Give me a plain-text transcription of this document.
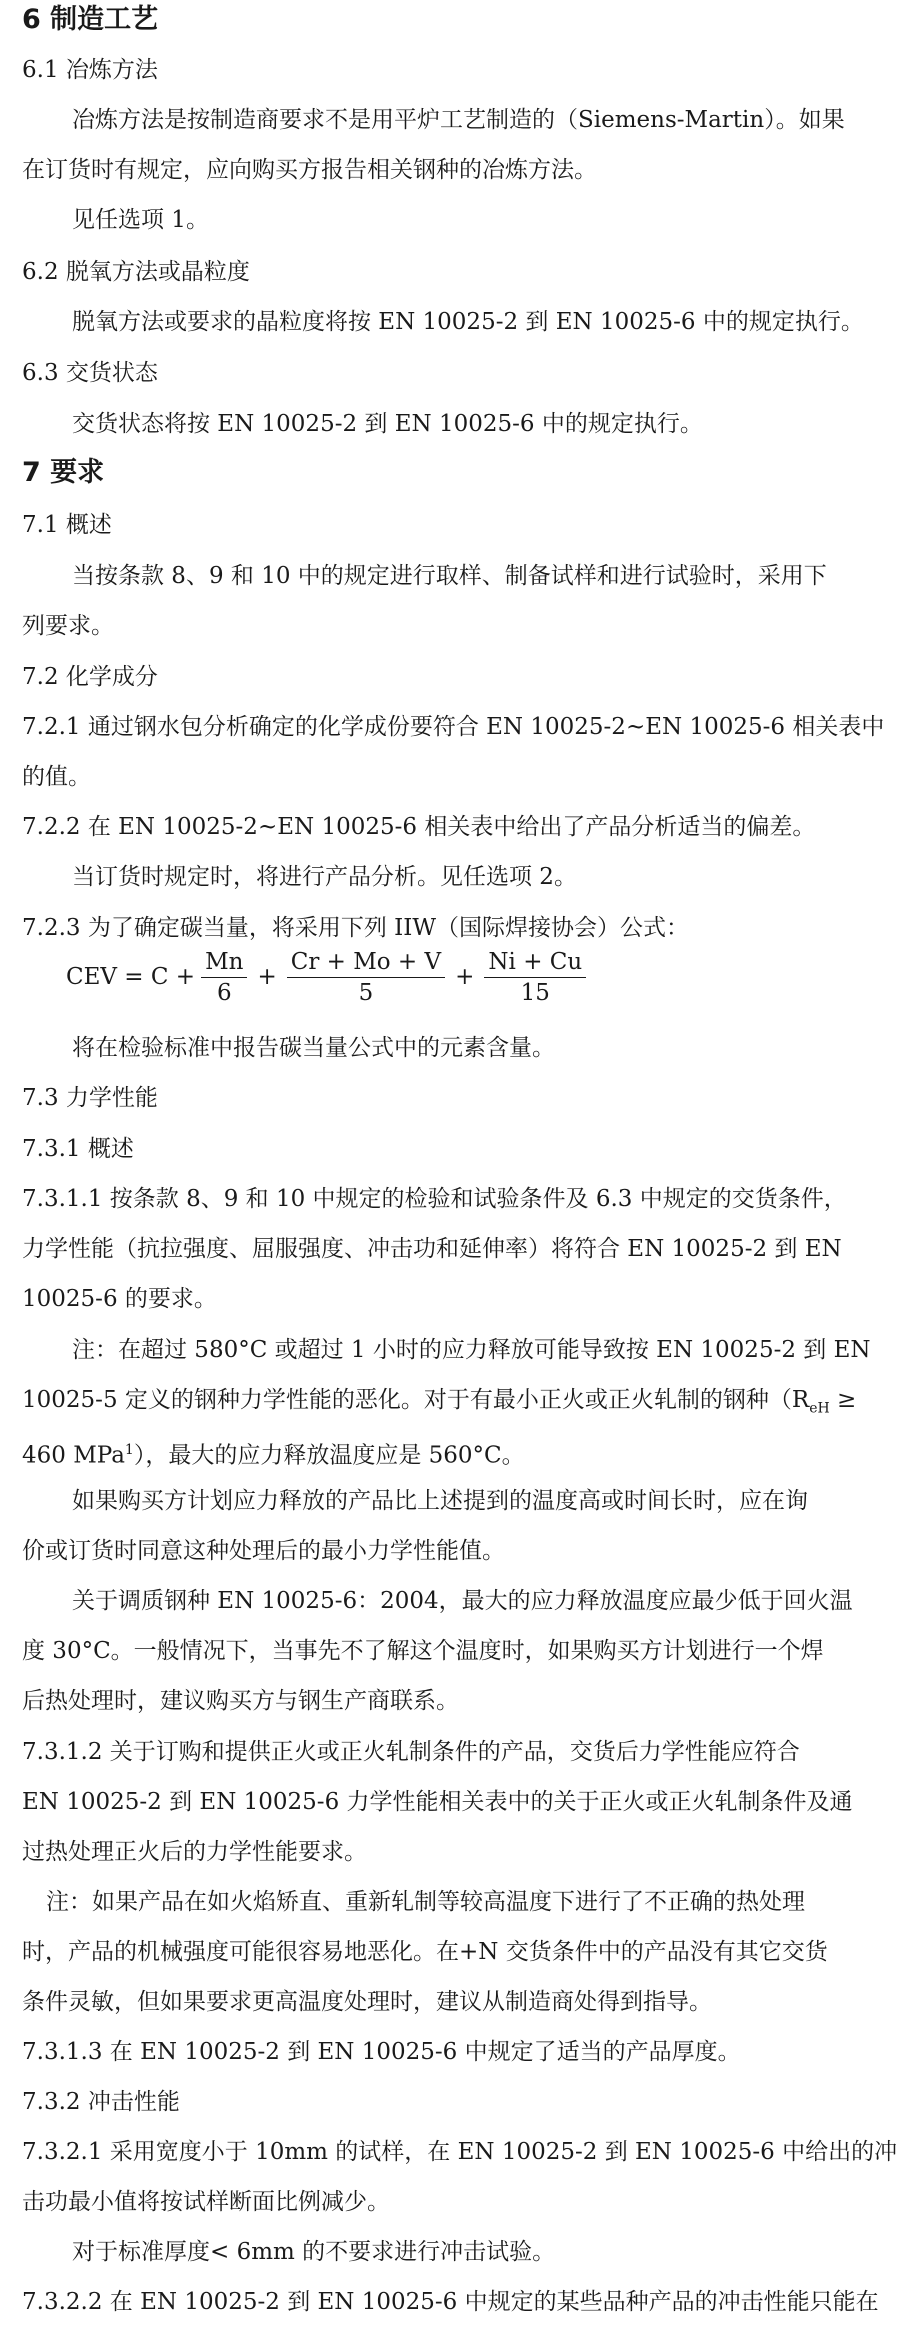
6 制造工艺
6.1 冶炼方法
冶炼方法是按制造商要求不是用平炉工艺制造的（Siemens-Martin）。如果
在订货时有规定，应向购买方报告相关钢种的冶炼方法。
见任选项 1。
6.2 脱氧方法或晶粒度
脱氧方法或要求的晶粒度将按 EN 10025-2 到 EN 10025-6 中的规定执行。
6.3 交货状态
交货状态将按 EN 10025-2 到 EN 10025-6 中的规定执行。
7 要求
7.1 概述
当按条款 8、9 和 10 中的规定进行取样、制备试样和进行试验时，采用下
列要求。
7.2 化学成分
7.2.1 通过钢水包分析确定的化学成份要符合 EN 10025-2~EN 10025-6 相关表中
的值。
7.2.2 在 EN 10025-2~EN 10025-6 相关表中给出了产品分析适当的偏差。
当订货时规定时，将进行产品分析。见任选项 2。
7.2.3 为了确定碳当量，将采用下列 IIW（国际焊接协会）公式：
CEV = $C + \frac{Mn}{6} + \frac{Cr + Mo + V}{5} + \frac{Ni + Cu}{15}$
将在检验标准中报告碳当量公式中的元素含量。
7.3 力学性能
7.3.1 概述
7.3.1.1 按条款 8、9 和 10 中规定的检验和试验条件及 6.3 中规定的交货条件，
力学性能（抗拉强度、屈服强度、冲击功和延伸率）将符合 EN 10025-2 到 EN
10025-6 的要求。
注：在超过 580°C 或超过 1 小时的应力释放可能导致按 EN 10025-2 到 EN
10025-5 定义的钢种力学性能的恶化。对于有最小正火或正火轧制的钢种（$R_{eH}$ ≥
460 MPa$^1$），最大的应力释放温度应是 560°C。
如果购买方计划应力释放的产品比上述提到的温度高或时间长时，应在询
价或订货时同意这种处理后的最小力学性能值。
关于调质钢种 EN 10025-6：2004，最大的应力释放温度应最少低于回火温
度 30°C。一般情况下，当事先不了解这个温度时，如果购买方计划进行一个焊
后热处理时，建议购买方与钢生产商联系。
7.3.1.2 关于订购和提供正火或正火轧制条件的产品，交货后力学性能应符合
EN 10025-2 到 EN 10025-6 力学性能相关表中的关于正火或正火轧制条件及通
过热处理正火后的力学性能要求。
注：如果产品在如火焰矫直、重新轧制等较高温度下进行了不正确的热处理
时，产品的机械强度可能很容易地恶化。在+N 交货条件中的产品没有其它交货
条件灵敏，但如果要求更高温度处理时，建议从制造商处得到指导。
7.3.1.3 在 EN 10025-2 到 EN 10025-6 中规定了适当的产品厚度。
7.3.2 冲击性能
7.3.2.1 采用宽度小于 10mm 的试样，在 EN 10025-2 到 EN 10025-6 中给出的冲
击功最小值将按试样断面比例减少。
对于标准厚度< 6mm 的不要求进行冲击试验。
7.3.2.2 在 EN 10025-2 到 EN 10025-6 中规定的某些品种产品的冲击性能只能在
